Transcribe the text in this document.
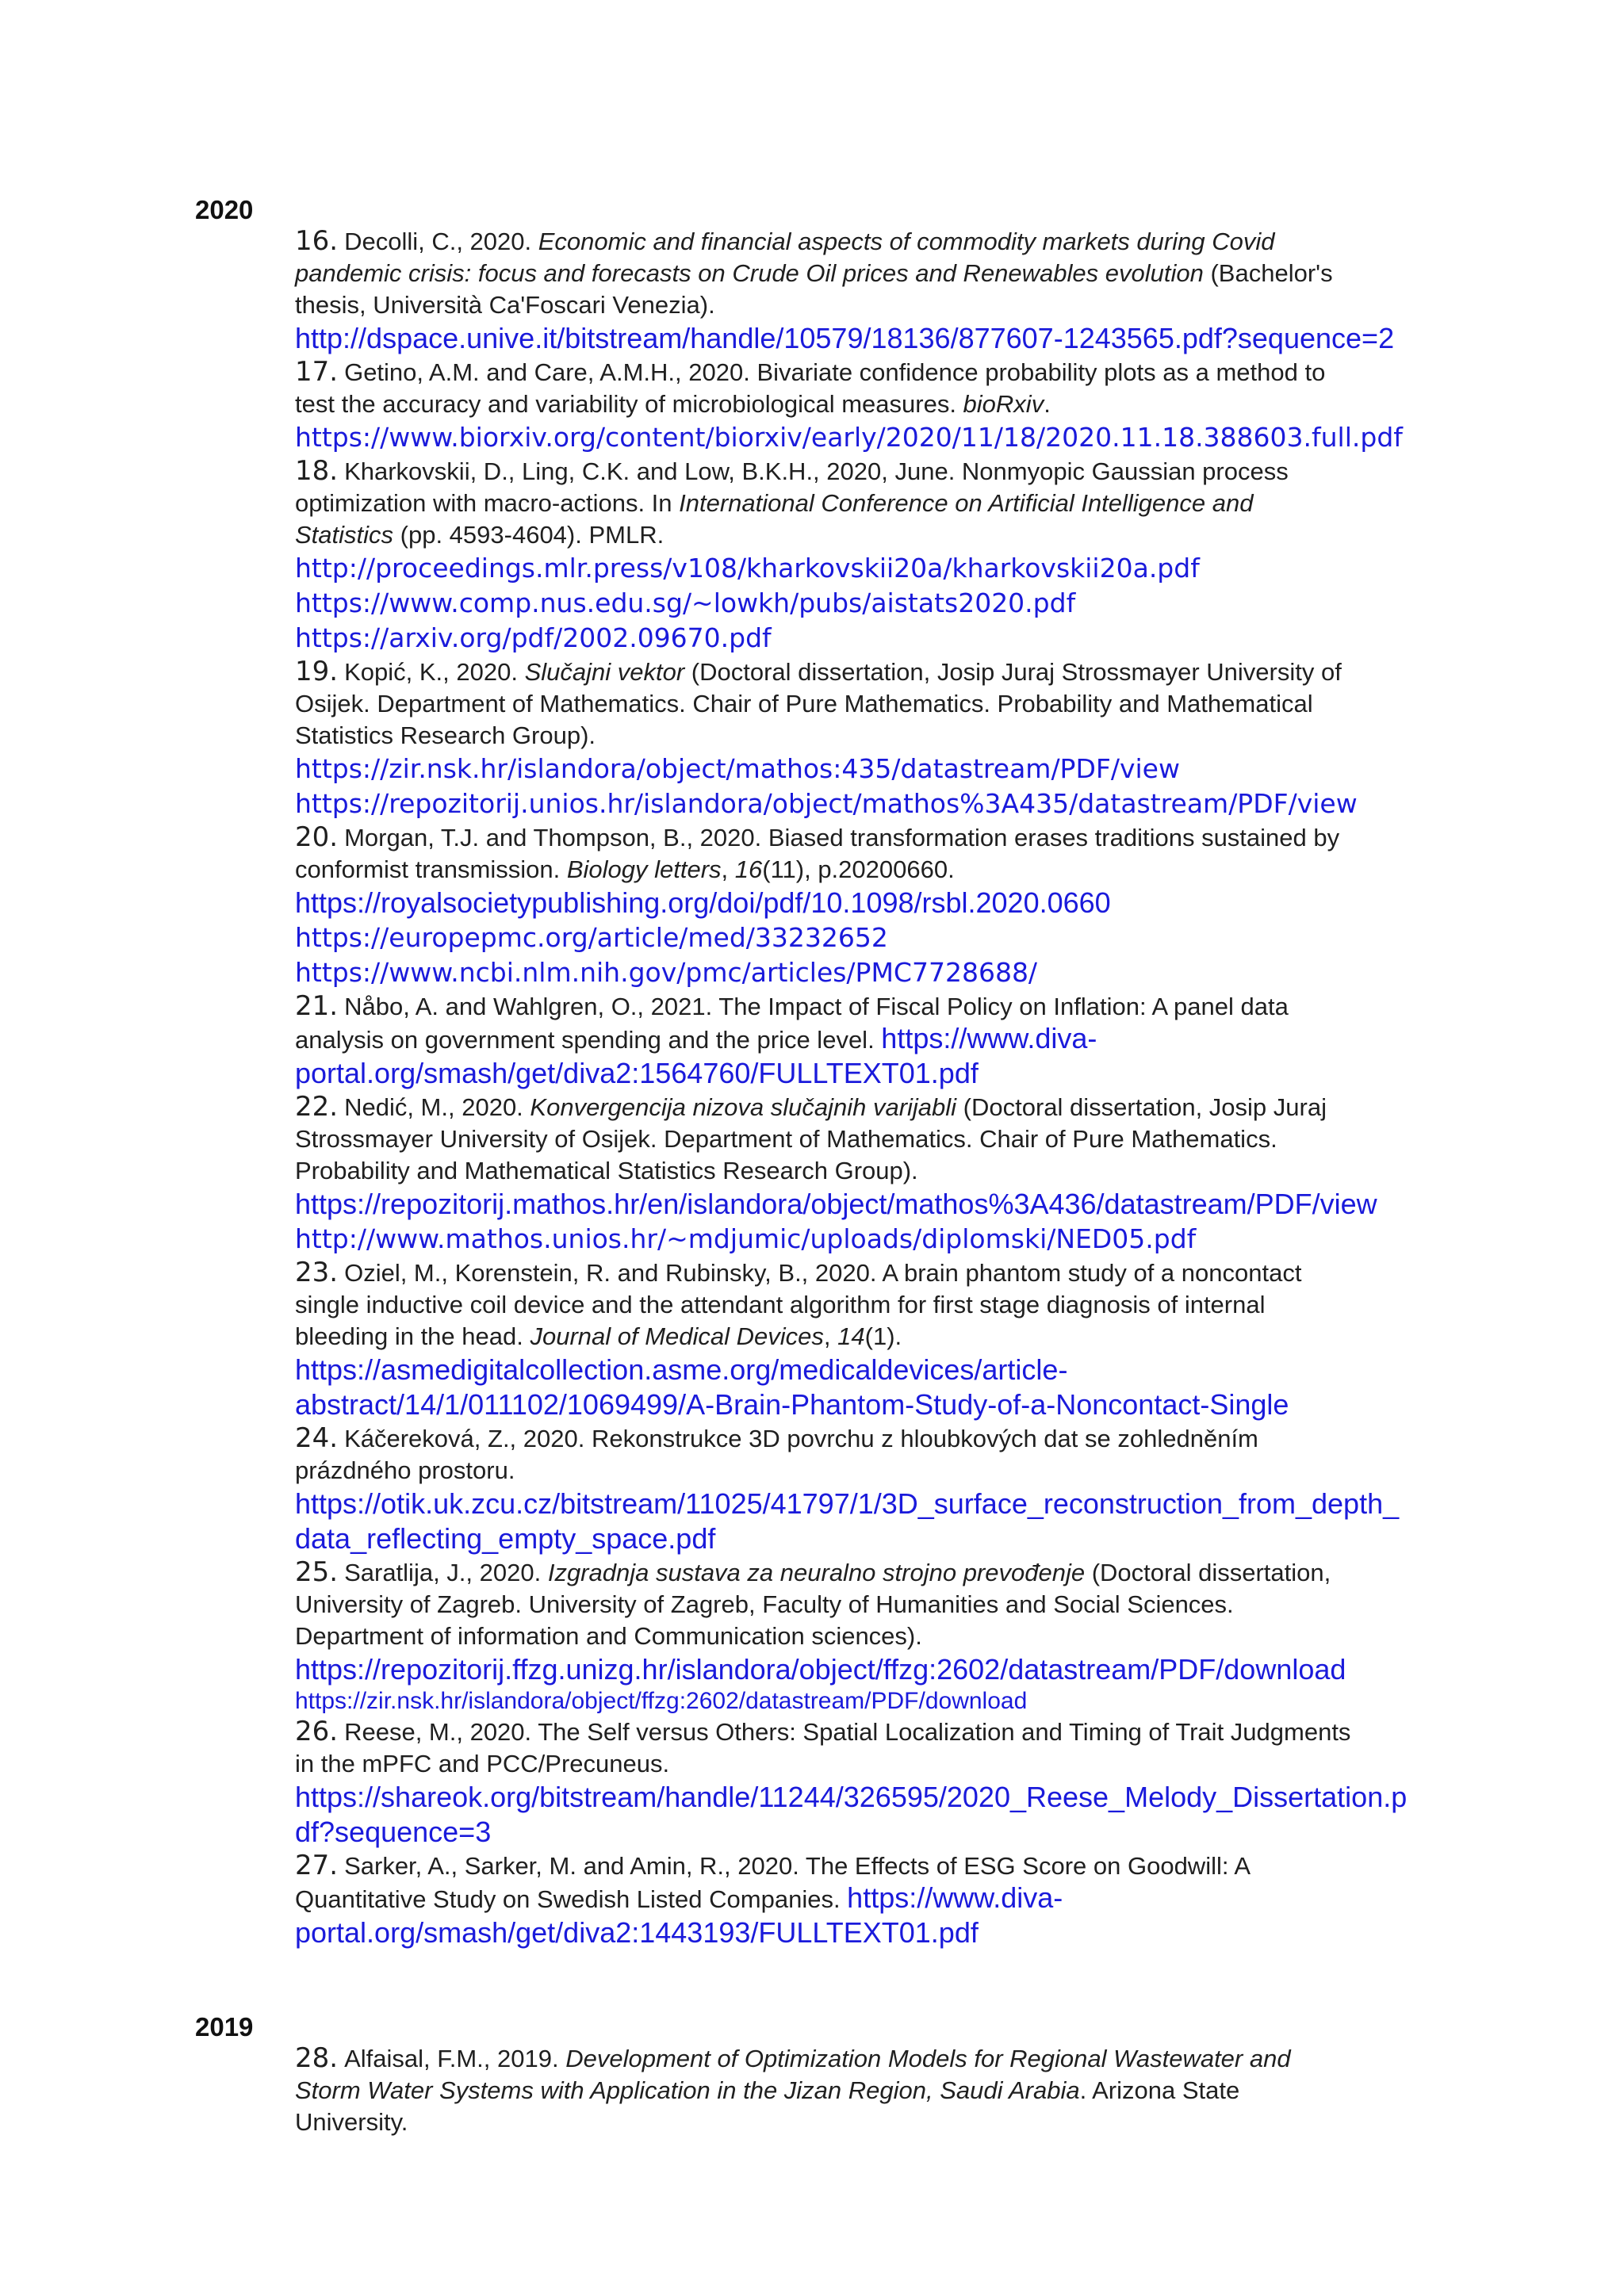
2020
16. Decolli, C., 2020. Economic and financial aspects of commodity markets during Covid
pandemic crisis: focus and forecasts on Crude Oil prices and Renewables evolution (Bachelor's
thesis, Università Ca'Foscari Venezia).
http://dspace.unive.it/bitstream/handle/10579/18136/877607-1243565.pdf?sequence=2
17. Getino, A.M. and Care, A.M.H., 2020. Bivariate confidence probability plots as a method to
test the accuracy and variability of microbiological measures. bioRxiv.
https://www.biorxiv.org/content/biorxiv/early/2020/11/18/2020.11.18.388603.full.pdf
18. Kharkovskii, D., Ling, C.K. and Low, B.K.H., 2020, June. Nonmyopic Gaussian process
optimization with macro-actions. In International Conference on Artificial Intelligence and
Statistics (pp. 4593-4604). PMLR.
http://proceedings.mlr.press/v108/kharkovskii20a/kharkovskii20a.pdf
https://www.comp.nus.edu.sg/~lowkh/pubs/aistats2020.pdf
https://arxiv.org/pdf/2002.09670.pdf
19. Kopić, K., 2020. Slučajni vektor (Doctoral dissertation, Josip Juraj Strossmayer University of
Osijek. Department of Mathematics. Chair of Pure Mathematics. Probability and Mathematical
Statistics Research Group).
https://zir.nsk.hr/islandora/object/mathos:435/datastream/PDF/view
https://repozitorij.unios.hr/islandora/object/mathos%3A435/datastream/PDF/view
20. Morgan, T.J. and Thompson, B., 2020. Biased transformation erases traditions sustained by
conformist transmission. Biology letters, 16(11), p.20200660.
https://royalsocietypublishing.org/doi/pdf/10.1098/rsbl.2020.0660
https://europepmc.org/article/med/33232652
https://www.ncbi.nlm.nih.gov/pmc/articles/PMC7728688/
21. Nåbo, A. and Wahlgren, O., 2021. The Impact of Fiscal Policy on Inflation: A panel data
analysis on government spending and the price level. https://www.diva-
portal.org/smash/get/diva2:1564760/FULLTEXT01.pdf
22. Nedić, M., 2020. Konvergencija nizova slučajnih varijabli (Doctoral dissertation, Josip Juraj
Strossmayer University of Osijek. Department of Mathematics. Chair of Pure Mathematics.
Probability and Mathematical Statistics Research Group).
https://repozitorij.mathos.hr/en/islandora/object/mathos%3A436/datastream/PDF/view
http://www.mathos.unios.hr/~mdjumic/uploads/diplomski/NED05.pdf
23. Oziel, M., Korenstein, R. and Rubinsky, B., 2020. A brain phantom study of a noncontact
single inductive coil device and the attendant algorithm for first stage diagnosis of internal
bleeding in the head. Journal of Medical Devices, 14(1).
https://asmedigitalcollection.asme.org/medicaldevices/article-
abstract/14/1/011102/1069499/A-Brain-Phantom-Study-of-a-Noncontact-Single
24. Káčereková, Z., 2020. Rekonstrukce 3D povrchu z hloubkových dat se zohledněním
prázdného prostoru.
https://otik.uk.zcu.cz/bitstream/11025/41797/1/3D_surface_reconstruction_from_depth_
data_reflecting_empty_space.pdf
25. Saratlija, J., 2020. Izgradnja sustava za neuralno strojno prevođenje (Doctoral dissertation,
University of Zagreb. University of Zagreb, Faculty of Humanities and Social Sciences.
Department of information and Communication sciences).
https://repozitorij.ffzg.unizg.hr/islandora/object/ffzg:2602/datastream/PDF/download
https://zir.nsk.hr/islandora/object/ffzg:2602/datastream/PDF/download
26. Reese, M., 2020. The Self versus Others: Spatial Localization and Timing of Trait Judgments
in the mPFC and PCC/Precuneus.
https://shareok.org/bitstream/handle/11244/326595/2020_Reese_Melody_Dissertation.p
df?sequence=3
27. Sarker, A., Sarker, M. and Amin, R., 2020. The Effects of ESG Score on Goodwill: A
Quantitative Study on Swedish Listed Companies. https://www.diva-
portal.org/smash/get/diva2:1443193/FULLTEXT01.pdf
2019
28. Alfaisal, F.M., 2019. Development of Optimization Models for Regional Wastewater and
Storm Water Systems with Application in the Jizan Region, Saudi Arabia. Arizona State
University.
